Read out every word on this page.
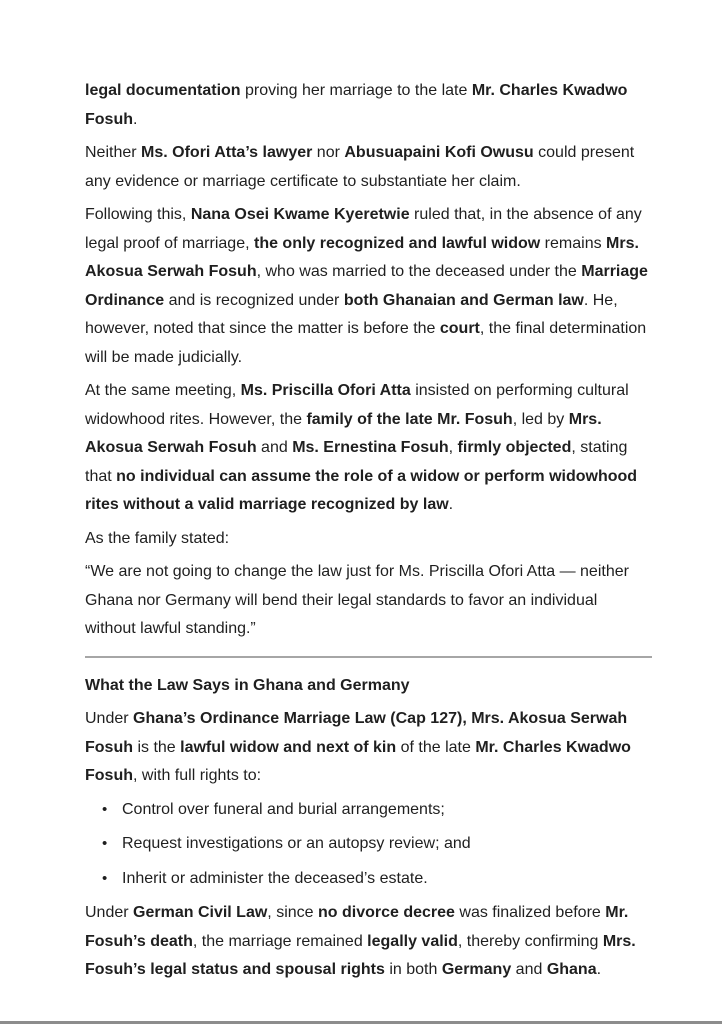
legal documentation proving her marriage to the late Mr. Charles Kwadwo Fosuh.

Neither Ms. Ofori Atta’s lawyer nor Abusuapaini Kofi Owusu could present any evidence or marriage certificate to substantiate her claim.

Following this, Nana Osei Kwame Kyeretwie ruled that, in the absence of any legal proof of marriage, the only recognized and lawful widow remains Mrs. Akosua Serwah Fosuh, who was married to the deceased under the Marriage Ordinance and is recognized under both Ghanaian and German law. He, however, noted that since the matter is before the court, the final determination will be made judicially.

At the same meeting, Ms. Priscilla Ofori Atta insisted on performing cultural widowhood rites. However, the family of the late Mr. Fosuh, led by Mrs. Akosua Serwah Fosuh and Ms. Ernestina Fosuh, firmly objected, stating that no individual can assume the role of a widow or perform widowhood rites without a valid marriage recognized by law.

As the family stated:

“We are not going to change the law just for Ms. Priscilla Ofori Atta — neither Ghana nor Germany will bend their legal standards to favor an individual without lawful standing.”

What the Law Says in Ghana and Germany

Under Ghana’s Ordinance Marriage Law (Cap 127), Mrs. Akosua Serwah Fosuh is the lawful widow and next of kin of the late Mr. Charles Kwadwo Fosuh, with full rights to:

• Control over funeral and burial arrangements;
• Request investigations or an autopsy review; and
• Inherit or administer the deceased’s estate.

Under German Civil Law, since no divorce decree was finalized before Mr. Fosuh’s death, the marriage remained legally valid, thereby confirming Mrs. Fosuh’s legal status and spousal rights in both Germany and Ghana.
